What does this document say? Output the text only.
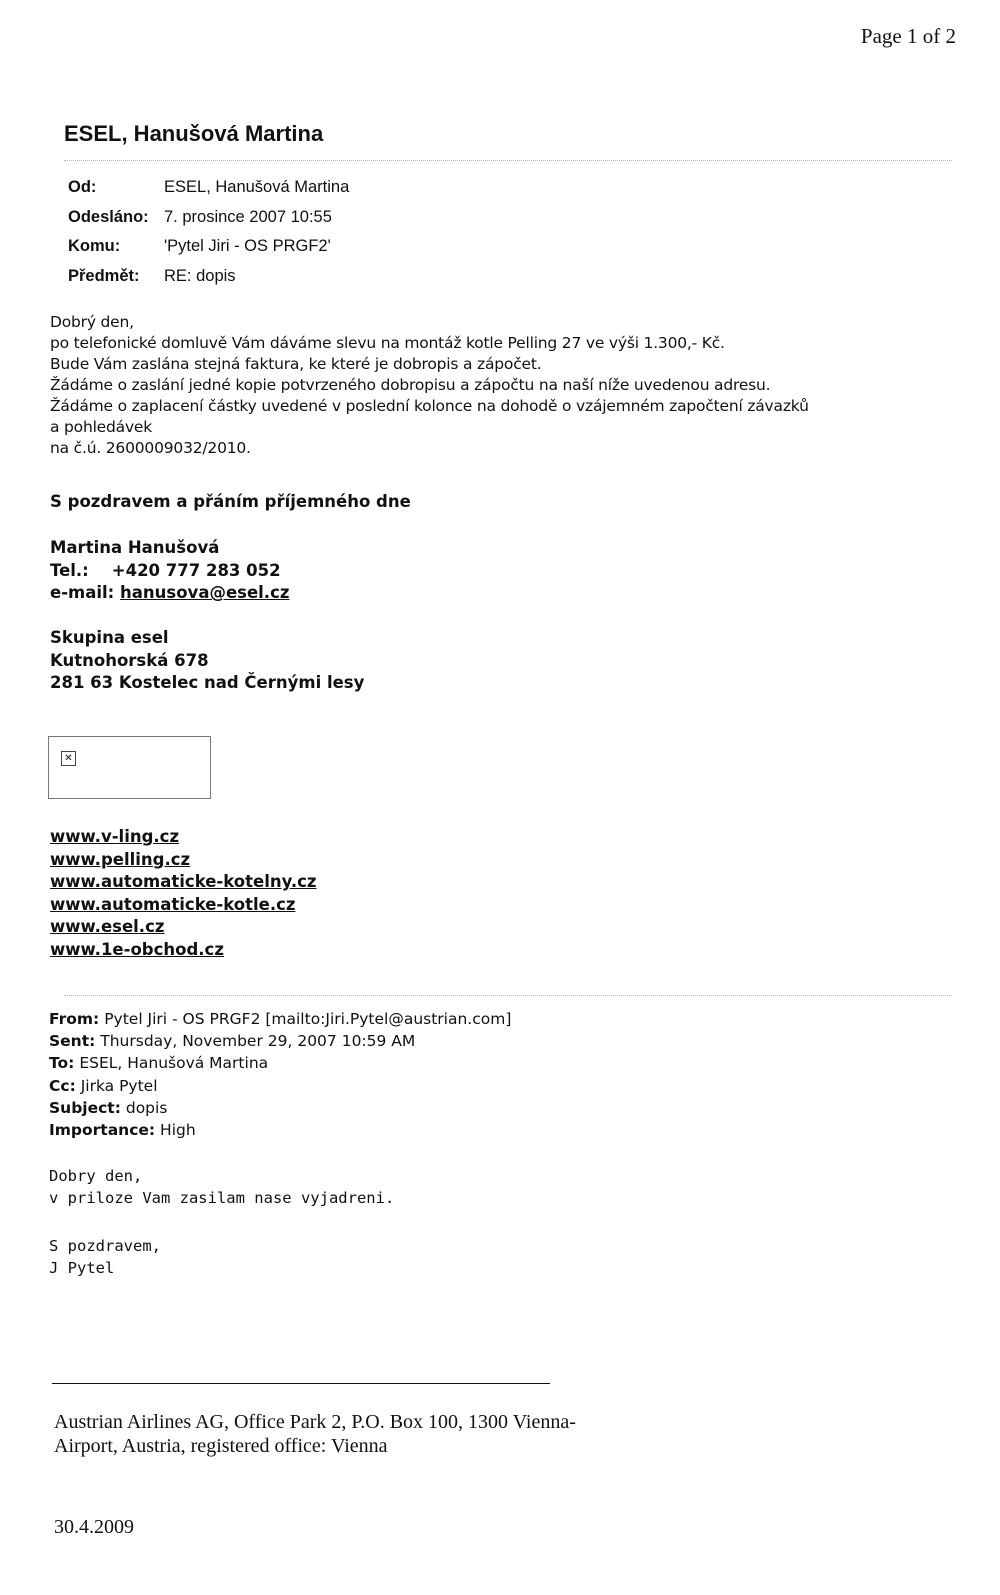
Page 1 of 2
ESEL, Hanušová Martina
Od:	ESEL, Hanušová Martina
Odesláno: 7. prosince 2007 10:55
Komu:	'Pytel Jiri - OS PRGF2'
Předmět:	RE: dopis

Dobrý den,

po telefonické domluvě Vám dáváme slevu na montáž kotle Pelling 27 ve výši 1.300,- Kč.

Bude Vám zaslána stejná faktura, ke které je dobropis a zápočet.

Žádáme o zaslání jedné kopie potvrzeného dobropisu a zápočtu na naší níže uvedenou adresu.

Žádáme o zaplacení částky uvedené v poslední kolonce na dohodě o vzájemném započtení závazků

a pohledávek

na č.ú. 2600009032/2010.

S pozdravem a přáním příjemného dne

Martina Hanušová

Tel.: +420 777 283 052

e-mail: hanusova@esel.cz

Skupina esel

Kutnohorská 678

281 63 Kostelec nad Černými lesy

✕
www.v-ling.cz
www.pelling.cz
www.automaticke-kotelny.cz
www.automaticke-kotle.cz
www.esel.cz
www.1e-obchod.cz

From: Pytel Jiri - OS PRGF2 [mailto:Jiri.Pytel@austrian.com]

Sent: Thursday, November 29, 2007 10:59 AM

To: ESEL, Hanušová Martina

Cc: Jirka Pytel

Subject: dopis

Importance: High

Dobry den,

v priloze Vam zasilam nase vyjadreni.

S pozdravem,

J Pytel

Austrian Airlines AG, Office Park 2, P.O. Box 100, 1300 Vienna-

Airport, Austria, registered office: Vienna

30.4.2009
